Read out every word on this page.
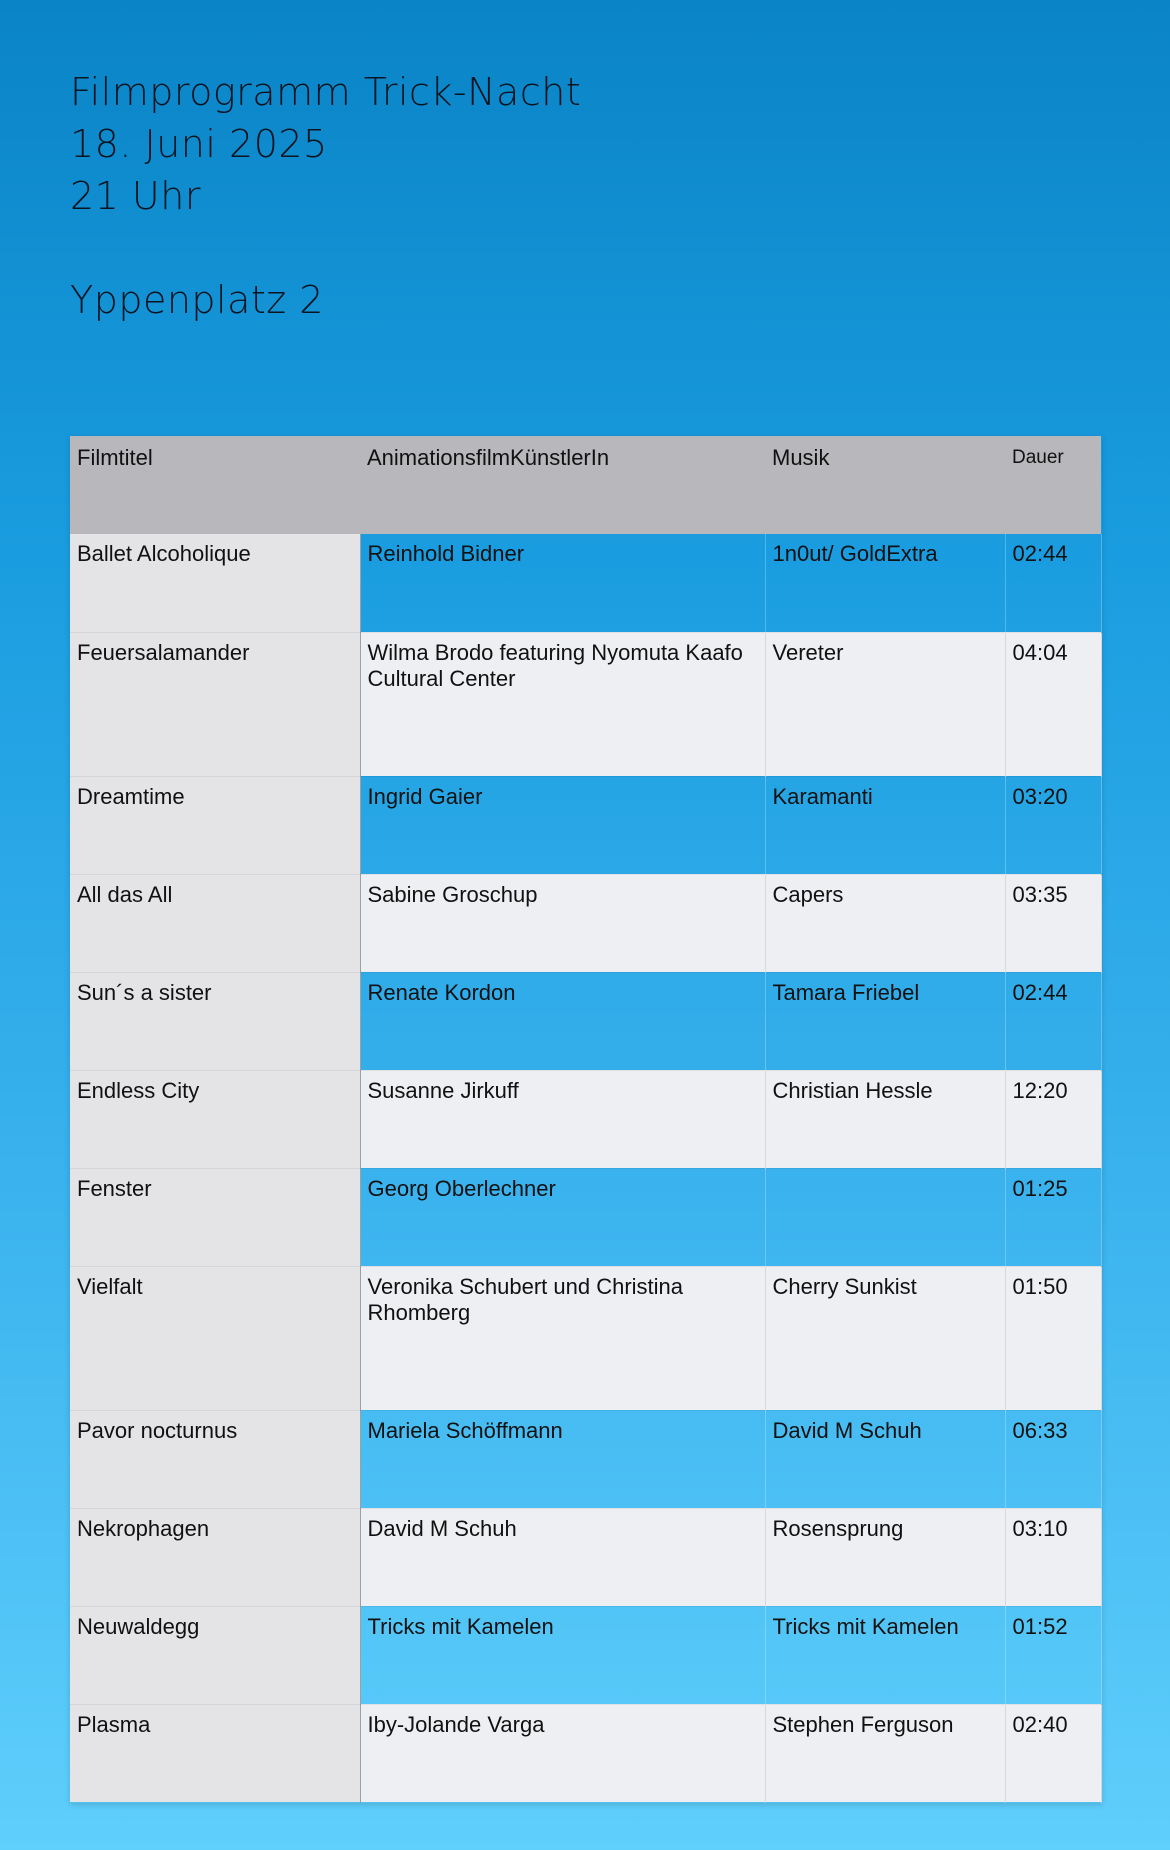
Filmprogramm Trick-Nacht
18. Juni 2025
21 Uhr
Yppenplatz 2
Filmtitel	AnimationsfilmKünstlerIn	Musik	Dauer
Ballet Alcoholique	Reinhold Bidner	1n0ut/ GoldExtra	02:44
Feuersalamander	Wilma Brodo featuring Nyomuta Kaafo Cultural Center	Vereter	04:04
Dreamtime	Ingrid Gaier	Karamanti	03:20
All das All	Sabine Groschup	Capers	03:35
Sun´s a sister	Renate Kordon	Tamara Friebel	02:44
Endless City	Susanne Jirkuff	Christian Hessle	12:20
Fenster	Georg Oberlechner		01:25
Vielfalt	Veronika Schubert und Christina Rhomberg	Cherry Sunkist	01:50
Pavor nocturnus	Mariela Schöffmann	David M Schuh	06:33
Nekrophagen	David M Schuh	Rosensprung	03:10
Neuwaldegg	Tricks mit Kamelen	Tricks mit Kamelen	01:52
Plasma	Iby-Jolande Varga	Stephen Ferguson	02:40
